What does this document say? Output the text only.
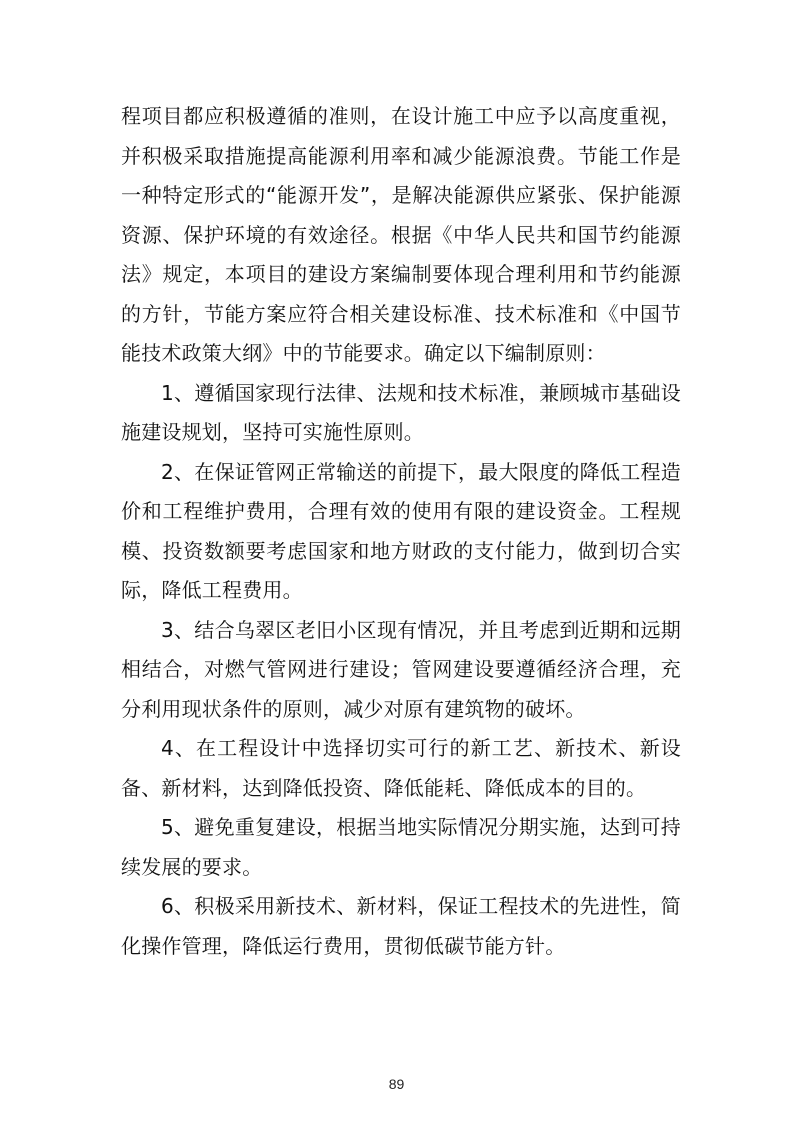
程项目都应积极遵循的准则，在设计施工中应予以高度重视，并积极采取措施提高能源利用率和减少能源浪费。节能工作是一种特定形式的“能源开发”，是解决能源供应紧张、保护能源资源、保护环境的有效途径。根据《中华人民共和国节约能源法》规定，本项目的建设方案编制要体现合理利用和节约能源的方针，节能方案应符合相关建设标准、技术标准和《中国节能技术政策大纲》中的节能要求。确定以下编制原则：

1、遵循国家现行法律、法规和技术标准，兼顾城市基础设施建设规划，坚持可实施性原则。

2、在保证管网正常输送的前提下，最大限度的降低工程造价和工程维护费用，合理有效的使用有限的建设资金。工程规模、投资数额要考虑国家和地方财政的支付能力，做到切合实际，降低工程费用。

3、结合乌翠区老旧小区现有情况，并且考虑到近期和远期相结合，对燃气管网进行建设；管网建设要遵循经济合理，充分利用现状条件的原则，减少对原有建筑物的破坏。

4、在工程设计中选择切实可行的新工艺、新技术、新设备、新材料，达到降低投资、降低能耗、降低成本的目的。

5、避免重复建设，根据当地实际情况分期实施，达到可持续发展的要求。

6、积极采用新技术、新材料，保证工程技术的先进性，简化操作管理，降低运行费用，贯彻低碳节能方针。

89
